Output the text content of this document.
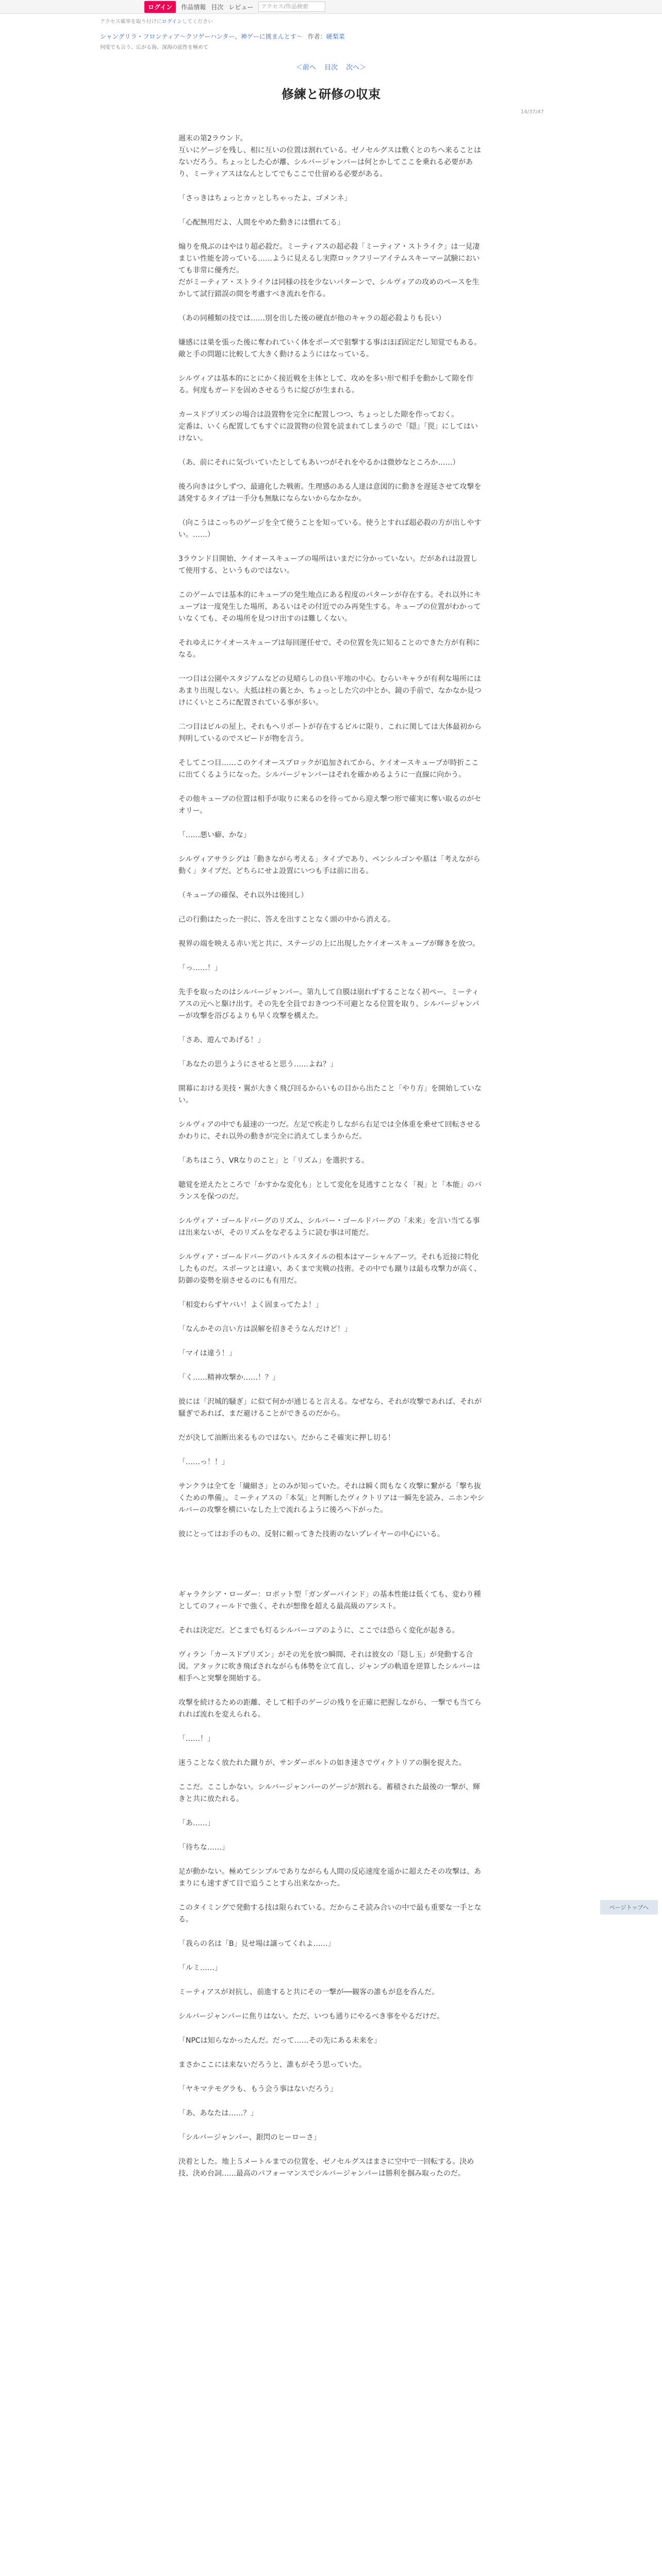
ログイン	作品情報 目次 レビュー	アクセス/作品検索
アクセス確率を取り付けにログインしてください
シャングリラ・フロンティア〜クソゲーハンター、神ゲーに挑まんとす〜 作者：硬梨菜
何度でも言う、広がる海、深海の底性を極めて
＜前へ 目次 次へ＞
14/37/47
修練と研修の収束

週末の第2ラウンド。
互いにゲージを残し、相に互いの位置は割れている。ゼノセルグスは敷くとのちへ来ることはないだろう。ちょっとした心が離、シルバージャンバーは何とかしてここを乗れる必要があり、ミーティアスはなんとしてでもここで仕留める必要がある。

「さっきはちょっとカッとしちゃったよ、ゴメンネ」

「心配無用だよ、人間をやめた動きには慣れてる」

煽りを飛ぶのはやはり超必殺だ。ミーティアスの超必殺「ミーティア・ストライク」は一見凄まじい性能を誇っている……ように見えるし実際ロックフリーアイテムスキーマー試験においても非常に優秀だ。
だがミーティア・ストライクは同様の技を少ないパターンで、シルヴィアの攻めのペースを生かして試行錯誤の間を考慮すべき流れを作る。

（あの同種類の技では……別を出した後の硬直が他のキャラの超必殺よりも長い）

嫌感には巣を張った後に奪われていく体をポーズで狙撃する事はほぼ固定だし知覚でもある。
敵と手の問題に比較して大きく動けるようにはなっている。

シルヴィアは基本的にとにかく接近戦を主体として、攻めを多い形で相手を動かして隙を作る。何度もガードを固めさせるうちに綻びが生まれる。

カースドプリズンの場合は設置物を完全に配置しつつ、ちょっとした隙を作っておく。
定番は、いくら配置してもすぐに設置物の位置を読まれてしまうので「隠」「罠」にしてはいけない。

（あ、前にそれに気づいていたとしてもあいつがそれをやるかは微妙なところか……）

後ろ向きは少しずつ、最適化した戦術。生理感のある人達は意図的に動きを遅延させて攻撃を誘発するタイプは一手分も無駄にならないからなかなか。

（向こうはこっちのゲージを全て使うことを知っている。使うとすれば超必殺の方が出しやすい。……）

3ラウンド目開始、ケイオースキューブの場所はいまだに分かっていない。だがあれは設置して使用する、というものではない。

このゲームでは基本的にキューブの発生地点にある程度のパターンが存在する。それ以外にキューブは一度発生した場所、あるいはその付近でのみ再発生する。キューブの位置がわかっていなくても、その場所を見つけ出すのは難しくない。

それゆえにケイオースキューブは毎回運任せで、その位置を先に知ることのできた方が有利になる。

一つ目は公園やスタジアムなどの見晴らしの良い平地の中心。むらいキャラが有利な場所にはあまり出現しない。大抵は柱の裏とか、ちょっとした穴の中とか、鏡の手前で、なかなか見つけにくいところに配置されている事が多い。

二つ目はビルの屋上、それもヘリポートが存在するビルに限り、これに関しては大体最初から判明しているのでスピードが物を言う。

そしてこつ目……このケイオースブロックが追加されてから、ケイオースキューブが時折ここに出てくるようになった。シルバージャンパーはそれを確かめるように一直線に向かう。

その他キューブの位置は相手が取りに来るのを待ってから迎え撃つ形で確実に奪い取るのがセオリー。

「……悪い癖、かな」

シルヴィアサラシグは「動きながら考える」タイプであり、ペンシルゴンや墓は「考えながら動く」タイプだ。どちらにせよ設置にいつも手は前に出る。

（キューブの確保、それ以外は後回し）

己の行動はたった一択に、答えを出すことなく頭の中から消える。

視界の端を映える赤い光と共に、ステージの上に出現したケイオースキューブが輝きを放つ。

「っ……！」

先手を取ったのはシルバージャンパー。第九して自膜は崩れずすることなく初ペー、ミーティアスの元へと駆け出す。その先を全員でおきつつ不可避となる位置を取り、シルバージャンパーが攻撃を浴びるよりも早く攻撃を構えた。

「さあ、遊んであげる！」

「あなたの思うようにさせると思う……よね？」

開幕における美技・翼が大きく飛び回るからいもの目から出たこと「やり方」を開始していない。

シルヴィアの中でも最速の一つだ。左足で疾走りしながら右足では全体重を乗せて回転させるかわりに、それ以外の動きが完全に消えてしまうからだ。

「あちはこう、VRなりのこと」と「リズム」を選択する。

聴覚を逆えたところで「かすかな変化も」として変化を見逃すことなく「視」と「本能」のバランスを保つのだ。

シルヴィア・ゴールドバーグのリズム、シルバー・ゴールドバーグの「未来」を言い当てる事は出来ないが、そのリズムをなぞるように読む事は可能だ。

シルヴィア・ゴールドバーグのバトルスタイルの根本はマーシャルアーツ。それも近接に特化したものだ。スポーツとは違い、あくまで実戦の技術。その中でも蹴りは最も攻撃力が高く、防御の姿勢を崩させるのにも有用だ。

「相変わらずヤバい！よく固まってたよ！」

「なんかその言い方は誤解を招きそうなんだけど！」

「マイは違う！」

「く……精神攻撃か……！？」

彼には「沢城的騒ぎ」に似て何かが通じると言える。なぜなら、それが攻撃であれば、それが騒ぎであれば、まだ避けることができるのだから。

だが決して油断出来るものではない。だからこそ確実に押し切る！

「……っ！！」

サンクラは全てを「繊細さ」とのみが知っていた。それは瞬く間もなく攻撃に繋がる「撃ち抜くための準備」。ミーティアスの「本気」と判断したヴィクトリアは一瞬先を読み、ニホンやシルバーの攻撃を横にいなした上で流れるように後ろへ下がった。

彼にとってはお手のもの、反射に頼ってきた技術のないプレイヤーの中心にいる。

ギャラクシア・ローダー：ロボット型「ガンダーバインド」の基本性能は低くても、変わり種としてのフィールドで強く、それが想像を超える最高級のアシスト。

それは決定だ。どこまでも灯るシルバーコアのように、ここでは恐らく変化が起きる。

ヴィラン「カースドプリズン」がその光を放つ瞬間、それは彼女の「隠し玉」が発動する合図。アタックに吹き飛ばされながらも体勢を立て直し、ジャンプの軌道を逆算したシルバーは相手へと突撃を開始する。

攻撃を続けるための距離、そして相手のゲージの残りを正確に把握しながら、一撃でも当てられれば流れを変えられる。

「……！」

迷うことなく放たれた蹴りが、サンダーボルトの如き速さでヴィクトリアの胴を捉えた。

ここだ。ここしかない。シルバージャンパーのゲージが割れる。蓄積された最後の一撃が、輝きと共に放たれる。

「あ……」

「待ちな……」

足が動かない。極めてシンプルでありながらも人間の反応速度を遥かに超えたその攻撃は、あまりにも速すぎて目で追うことすら出来なかった。

このタイミングで発動する技は限られている。だからこそ読み合いの中で最も重要な一手となる。

「我らの名は「B」見せ場は譲ってくれよ……」

「ルミ……」

ミーティアスが対抗し、前進すると共にその一撃が──観客の誰もが息を呑んだ。

シルバージャンパーに焦りはない。ただ、いつも通りにやるべき事をやるだけだ。

「NPCは知らなかったんだ。だって……その先にある未来を」

まさかここには来ないだろうと、誰もがそう思っていた。

「ヤキマテモグラも、もう会う事はないだろう」

「あ、あなたは……？」

「シルバージャンパー、銀閃のヒーローさ」

決着とした。地上５メートルまでの位置を、ゼノセルグスはまさに空中で一回転する。決め技、決め台詞……最高のパフォーマンスでシルバージャンパーは勝利を掴み取ったのだ。

ページトップへ
